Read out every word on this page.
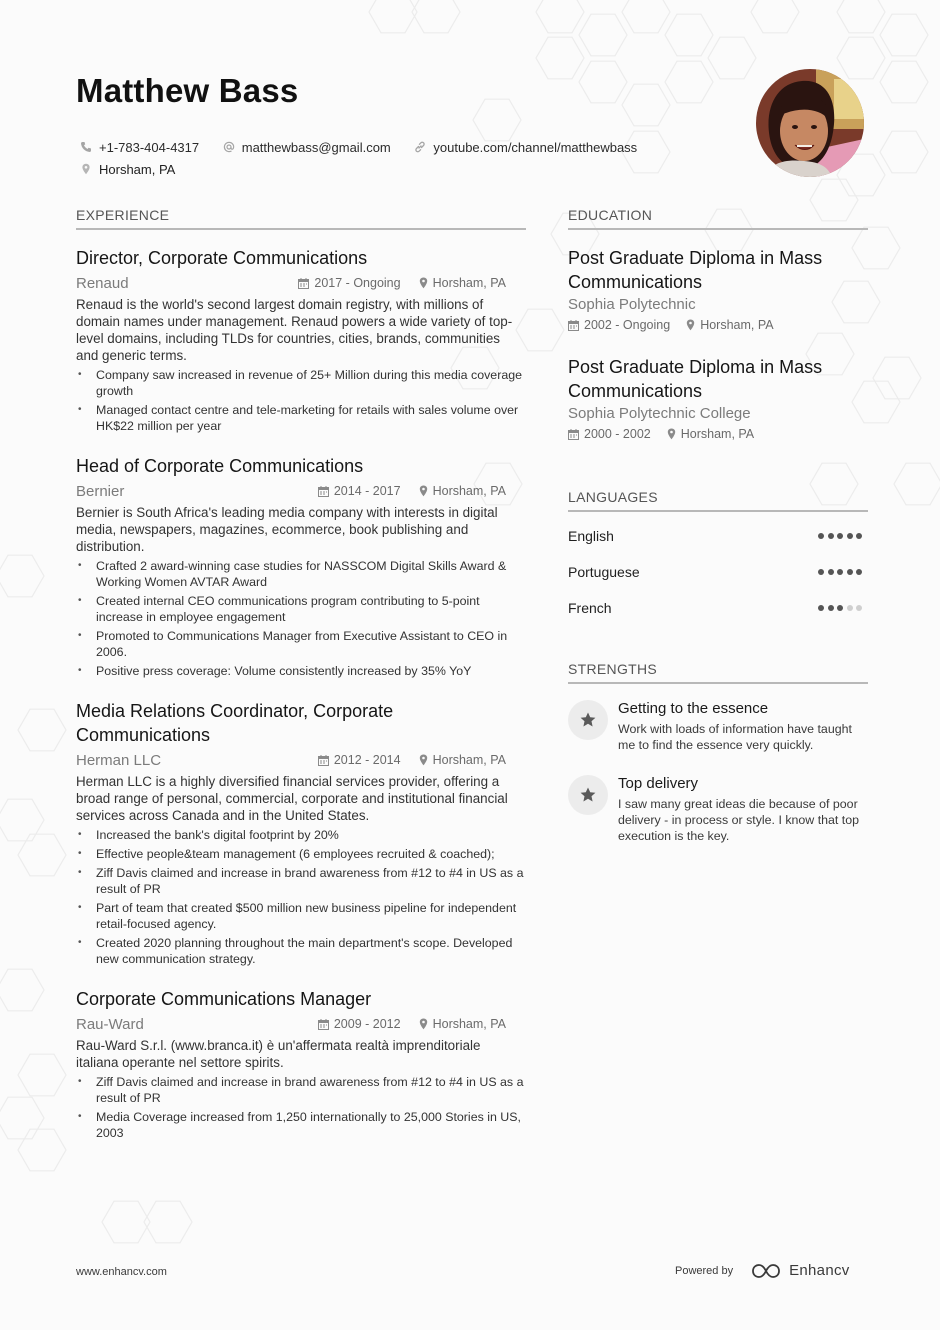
Matthew Bass
+1-783-404-4317
	matthewbass@gmail.com
	youtube.com/channel/matthewbass
Horsham, PA
EXPERIENCE
Director, Corporate Communications
Renaud	2017 - Ongoing	Horsham, PA
Renaud is the world's second largest domain registry, with millions of domain names under management. Renaud powers a wide variety of top-level domains, including TLDs for countries, cities, brands, communities and generic terms.
• Company saw increased in revenue of 25+ Million during this media coverage growth
• Managed contact centre and tele-marketing for retails with sales volume over HK$22 million per year
Head of Corporate Communications
Bernier	2014 - 2017	Horsham, PA
Bernier is South Africa's leading media company with interests in digital media, newspapers, magazines, ecommerce, book publishing and distribution.
• Crafted 2 award-winning case studies for NASSCOM Digital Skills Award & Working Women AVTAR Award
• Created internal CEO communications program contributing to 5-point increase in employee engagement
• Promoted to Communications Manager from Executive Assistant to CEO in 2006.
• Positive press coverage: Volume consistently increased by 35% YoY
Media Relations Coordinator, Corporate Communications
Herman LLC	2012 - 2014	Horsham, PA
Herman LLC is a highly diversified financial services provider, offering a broad range of personal, commercial, corporate and institutional financial services across Canada and in the United States.
• Increased the bank's digital footprint by 20%
• Effective people&team management (6 employees recruited & coached);
• Ziff Davis claimed and increase in brand awareness from #12 to #4 in US as a result of PR
• Part of team that created $500 million new business pipeline for independent retail-focused agency.
• Created 2020 planning throughout the main department's scope. Developed new communication strategy.
Corporate Communications Manager
Rau-Ward	2009 - 2012	Horsham, PA
Rau-Ward S.r.l. (www.branca.it) è un'affermata realtà imprenditoriale italiana operante nel settore spirits.
• Ziff Davis claimed and increase in brand awareness from #12 to #4 in US as a result of PR
• Media Coverage increased from 1,250 internationally to 25,000 Stories in US, 2003
EDUCATION
Post Graduate Diploma in Mass Communications
Sophia Polytechnic
2002 - Ongoing Horsham, PA
Post Graduate Diploma in Mass Communications
Sophia Polytechnic College
2000 - 2002 Horsham, PA
LANGUAGES
English
Portuguese
French
STRENGTHS
Getting to the essence
Work with loads of information have taught me to find the essence very quickly.
Top delivery
I saw many great ideas die because of poor delivery - in process or style. I know that top execution is the key.
www.enhancv.com	Powered by	Enhancv
